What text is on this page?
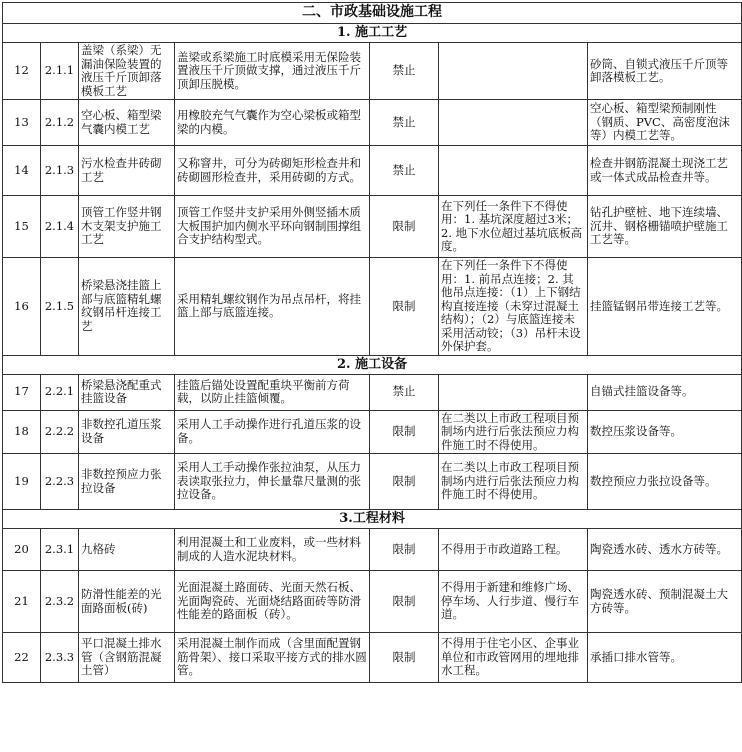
二、市政基础设施工程						
1. 施工工艺						
12	2.1.1	盖梁（系梁）无漏油保险装置的液压千斤顶卸落模板工艺	盖梁或系梁施工时底模采用无保险装置液压千斤顶做支撑，通过液压千斤顶卸压脱模。	禁止		砂筒、自锁式液压千斤顶等卸落模板工艺。
13	2.1.2	空心板、箱型梁气囊内模工艺	用橡胶充气气囊作为空心梁板或箱型梁的内模。	禁止		空心板、箱型梁预制刚性（钢质、PVC、高密度泡沫等）内模工艺等。
14	2.1.3	污水检查井砖砌工艺	又称窨井，可分为砖砌矩形检查井和砖砌圆形检查井，采用砖砌的方式。	禁止		检查井钢筋混凝土现浇工艺或一体式成品检查井等。
15	2.1.4	顶管工作竖井钢木支架支护施工工艺	顶管工作竖井支护采用外侧竖插木质大板围护加内侧水平环向钢制围撑组合支护结构型式。	限制	在下列任一条件下不得使用：1. 基坑深度超过3米；2. 地下水位超过基坑底板高度。	钻孔护壁桩、地下连续墙、沉井、钢格栅锚喷护壁施工工艺等。
16	2.1.5	桥梁悬浇挂篮上部与底篮精轧螺纹钢吊杆连接工艺	采用精轧螺纹钢作为吊点吊杆，将挂篮上部与底篮连接。	限制	在下列任一条件下不得使用：1. 前吊点连接；2. 其他吊点连接：（1）上下钢结构直接连接（未穿过混凝土结构）；（2）与底篮连接未采用活动铰；（3）吊杆未设外保护套。	挂篮锰钢吊带连接工艺等。
2. 施工设备						
17	2.2.1	桥梁悬浇配重式挂篮设备	挂篮后锚处设置配重块平衡前方荷载，以防止挂篮倾覆。	禁止		自锚式挂篮设备等。
18	2.2.2	非数控孔道压浆设备	采用人工手动操作进行孔道压浆的设备。	限制	在二类以上市政工程项目预制场内进行后张法预应力构件施工时不得使用。	数控压浆设备等。
19	2.2.3	非数控预应力张拉设备	采用人工手动操作张拉油泵，从压力表读取张拉力，伸长量靠尺量测的张拉设备。	限制	在二类以上市政工程项目预制场内进行后张法预应力构件施工时不得使用。	数控预应力张拉设备等。
3.工程材料						
20	2.3.1	九格砖	利用混凝土和工业废料，或一些材料制成的人造水泥块材料。	限制	不得用于市政道路工程。	陶瓷透水砖、透水方砖等。
21	2.3.2	防滑性能差的光面路面板(砖)	光面混凝土路面砖、光面天然石板、光面陶瓷砖、光面烧结路面砖等防滑性能差的路面板（砖）。	限制	不得用于新建和维修广场、停车场、人行步道、慢行车道。	陶瓷透水砖、预制混凝土大方砖等。
22	2.3.3	平口混凝土排水管（含钢筋混凝土管）	采用混凝土制作而成（含里面配置钢筋骨架）、接口采取平接方式的排水圆管。	限制	不得用于住宅小区、企事业单位和市政管网用的埋地排水工程。	承插口排水管等。
